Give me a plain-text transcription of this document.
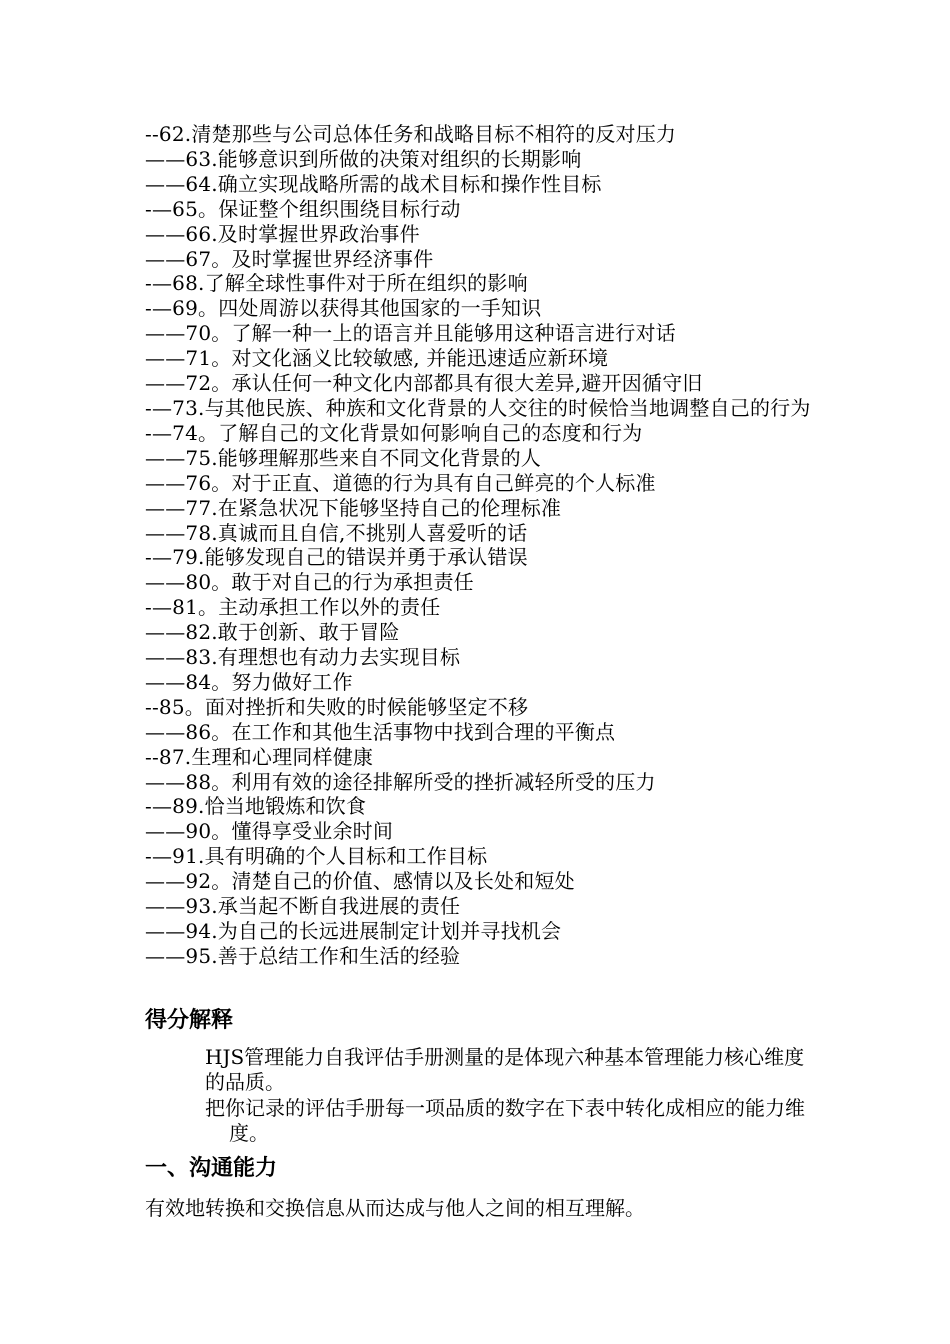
--62.清楚那些与公司总体任务和战略目标不相符的反对压力
——63.能够意识到所做的决策对组织的长期影响
——64.确立实现战略所需的战术目标和操作性目标
-—65。保证整个组织围绕目标行动
——66.及时掌握世界政治事件
——67。及时掌握世界经济事件
-—68.了解全球性事件对于所在组织的影响
-—69。四处周游以获得其他国家的一手知识
——70。了解一种一上的语言并且能够用这种语言进行对话
——71。对文化涵义比较敏感, 并能迅速适应新环境
——72。承认任何一种文化内部都具有很大差异,避开因循守旧
-—73.与其他民族、种族和文化背景的人交往的时候恰当地调整自己的行为
-—74。了解自己的文化背景如何影响自己的态度和行为
——75.能够理解那些来自不同文化背景的人
——76。对于正直、道德的行为具有自己鲜亮的个人标准
——77.在紧急状况下能够坚持自己的伦理标准
——78.真诚而且自信,不挑别人喜爱听的话
-—79.能够发现自己的错误并勇于承认错误
——80。敢于对自己的行为承担责任
-—81。主动承担工作以外的责任
——82.敢于创新、敢于冒险
——83.有理想也有动力去实现目标
——84。努力做好工作
--85。面对挫折和失败的时候能够坚定不移
——86。在工作和其他生活事物中找到合理的平衡点
--87.生理和心理同样健康
——88。利用有效的途径排解所受的挫折减轻所受的压力
-—89.恰当地锻炼和饮食
——90。懂得享受业余时间
-—91.具有明确的个人目标和工作目标
——92。清楚自己的价值、感情以及长处和短处
——93.承当起不断自我进展的责任
——94.为自己的长远进展制定计划并寻找机会
——95.善于总结工作和生活的经验
得分解释
HJS管理能力自我评估手册测量的是体现六种基本管理能力核心维度的品质。
把你记录的评估手册每一项品质的数字在下表中转化成相应的能力维度。
一、沟通能力
有效地转换和交换信息从而达成与他人之间的相互理解。
